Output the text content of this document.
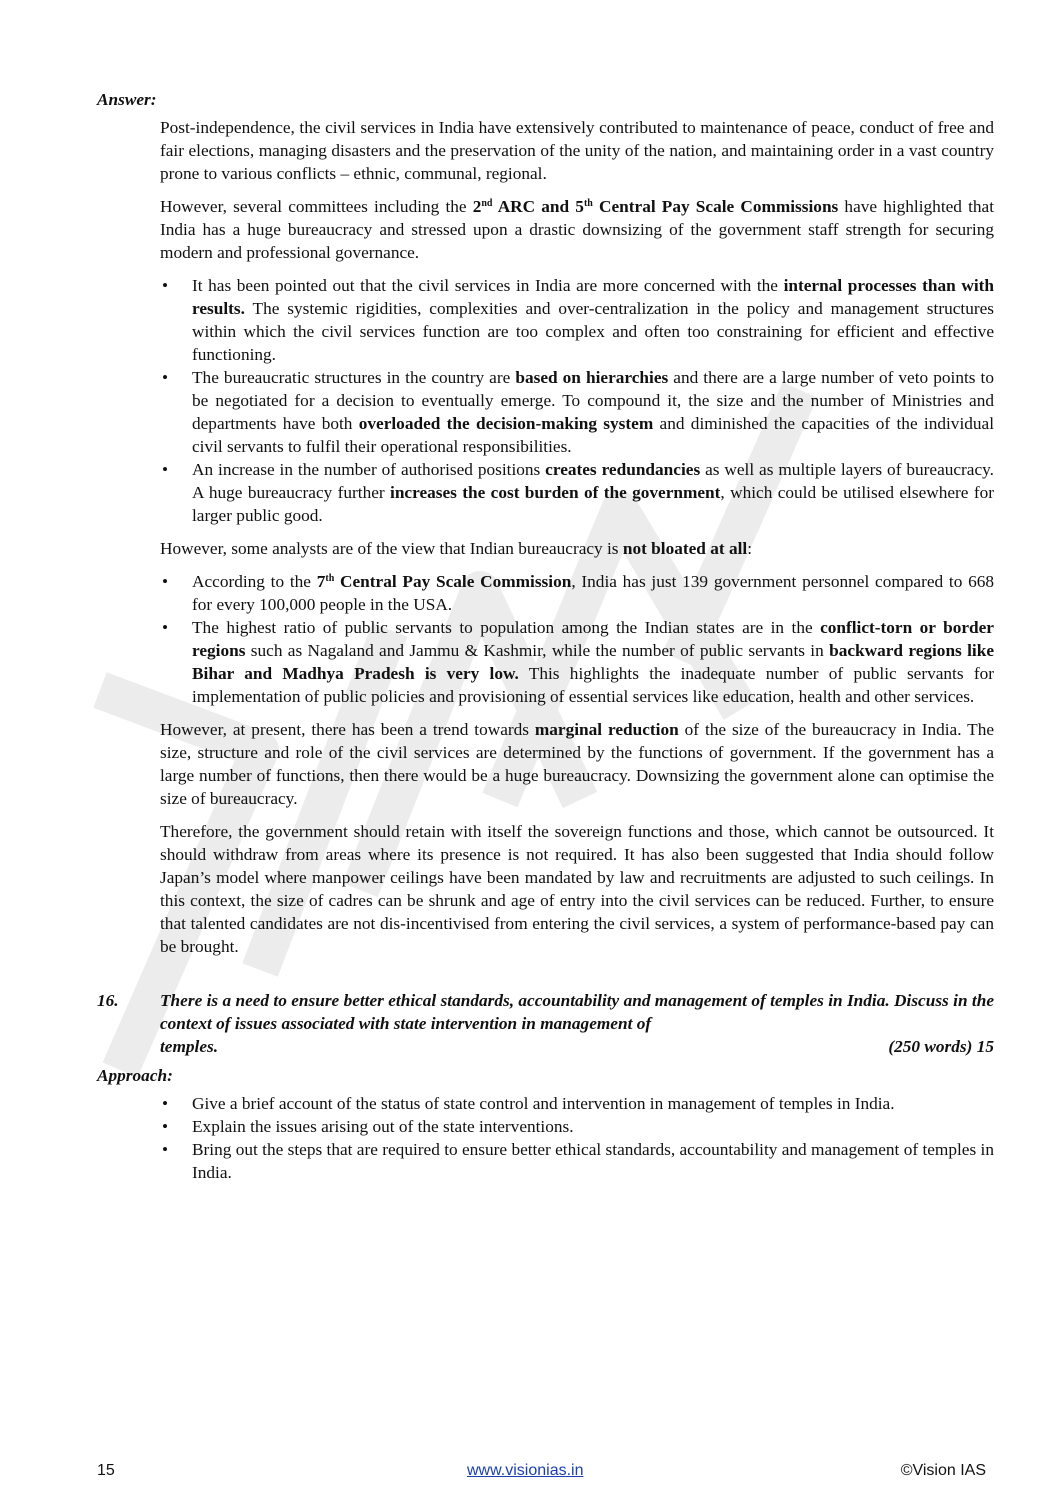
Answer:

Post-independence, the civil services in India have extensively contributed to maintenance of peace, conduct of free and fair elections, managing disasters and the preservation of the unity of the nation, and maintaining order in a vast country prone to various conflicts – ethnic, communal, regional.

However, several committees including the 2nd ARC and 5th Central Pay Scale Commissions have highlighted that India has a huge bureaucracy and stressed upon a drastic downsizing of the government staff strength for securing modern and professional governance.

• It has been pointed out that the civil services in India are more concerned with the internal processes than with results. The systemic rigidities, complexities and over-centralization in the policy and management structures within which the civil services function are too complex and often too constraining for efficient and effective functioning.
• The bureaucratic structures in the country are based on hierarchies and there are a large number of veto points to be negotiated for a decision to eventually emerge. To compound it, the size and the number of Ministries and departments have both overloaded the decision-making system and diminished the capacities of the individual civil servants to fulfil their operational responsibilities.
• An increase in the number of authorised positions creates redundancies as well as multiple layers of bureaucracy. A huge bureaucracy further increases the cost burden of the government, which could be utilised elsewhere for larger public good.

However, some analysts are of the view that Indian bureaucracy is not bloated at all:

• According to the 7th Central Pay Scale Commission, India has just 139 government personnel compared to 668 for every 100,000 people in the USA.
• The highest ratio of public servants to population among the Indian states are in the conflict-torn or border regions such as Nagaland and Jammu & Kashmir, while the number of public servants in backward regions like Bihar and Madhya Pradesh is very low. This highlights the inadequate number of public servants for implementation of public policies and provisioning of essential services like education, health and other services.

However, at present, there has been a trend towards marginal reduction of the size of the bureaucracy in India. The size, structure and role of the civil services are determined by the functions of government. If the government has a large number of functions, then there would be a huge bureaucracy. Downsizing the government alone can optimise the size of bureaucracy.

Therefore, the government should retain with itself the sovereign functions and those, which cannot be outsourced. It should withdraw from areas where its presence is not required. It has also been suggested that India should follow Japan’s model where manpower ceilings have been mandated by law and recruitments are adjusted to such ceilings. In this context, the size of cadres can be shrunk and age of entry into the civil services can be reduced. Further, to ensure that talented candidates are not dis-incentivised from entering the civil services, a system of performance-based pay can be brought.

16.	There is a need to ensure better ethical standards, accountability and management of temples in India. Discuss in the context of issues associated with state intervention in management of
temples.	(250 words) 15
Approach:
• Give a brief account of the status of state control and intervention in management of temples in India.
• Explain the issues arising out of the state interventions.
• Bring out the steps that are required to ensure better ethical standards, accountability and management of temples in India.
15	www.visionias.in	©Vision IAS
